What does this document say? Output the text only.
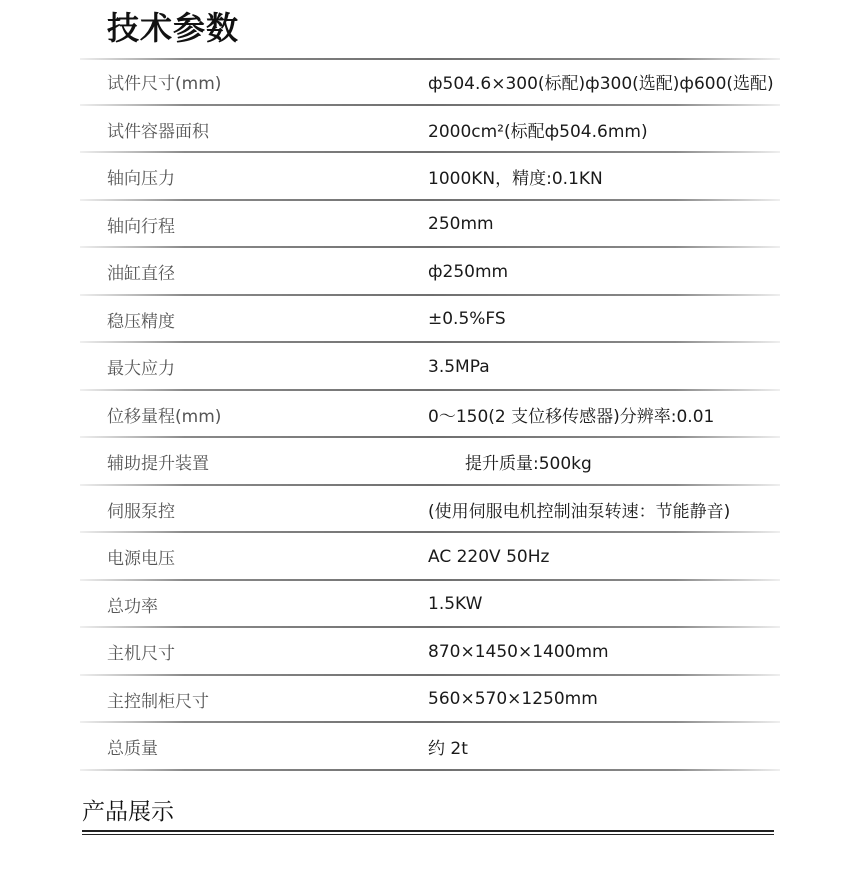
技术参数
试件尺寸(mm)	ф504.6×300(标配)ф300(选配)ф600(选配)
试件容器面积	2000cm²(标配ф504.6mm)
轴向压力	1000KN，精度:0.1KN
轴向行程	250mm
油缸直径	ф250mm
稳压精度	±0.5%FS
最大应力	3.5MPa
位移量程(mm)	0～150(2 支位移传感器)分辨率:0.01
辅助提升装置	提升质量:500kg
伺服泵控	(使用伺服电机控制油泵转速：节能静音)
电源电压	AC 220V 50Hz
总功率	1.5KW
主机尺寸	870×1450×1400mm
主控制柜尺寸	560×570×1250mm
总质量	约 2t
产品展示
